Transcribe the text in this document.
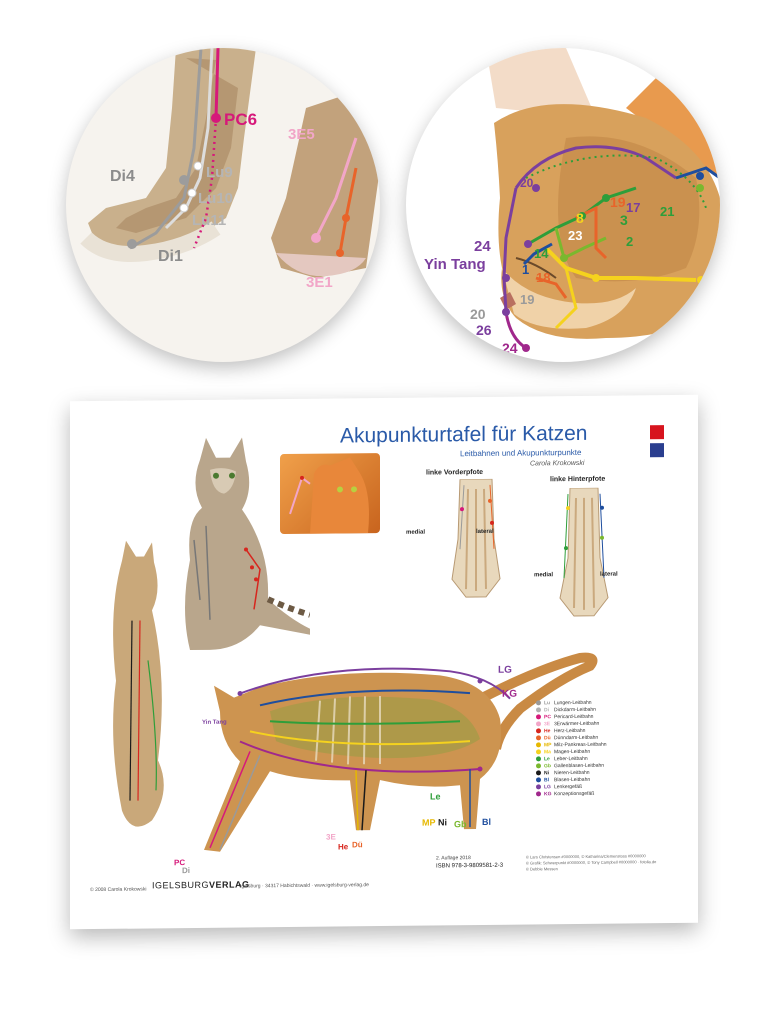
PC6
3E5
Di4	Lu9
Lu10
Lu11
Di1
3E1
20
8
19 17
3
21
23	2
14
1
18
24
Yin Tang
19
20
26
24
Akupunkturtafel für Katzen
Leitbahnen und Akupunkturpunkte
Carola Krokowski
linke Vorderpfote
medial	lateral
linke Hinterpfote
medial	lateral
LG
KG
Yin Tang
Le
MP Ni Gb Bl
3E
He Dü
PC
Di
Lu Lungen-Leitbahn
Di Dickdarm-Leitbahn
PC Pericard-Leitbahn
3E 3Erwärmer-Leitbahn
He Herz-Leitbahn
Dü Dünndarm-Leitbahn
MP Milz-Pankreas-Leitbahn
Ma Magen-Leitbahn
Le Leber-Leitbahn
Gb Gallenblasen-Leitbahn
Ni Nieren-Leitbahn
Bl Blasen-Leitbahn
LG Lenkergefäß
KG Konzeptionsgefäß
2. Auflage 2018
ISBN 978-3-9809581-2-3
© Lars Christensen #0000000, © Katharina/Clemenstoss #0000000
© Grafik: Schwerpunkt #0000000, © Tony Campbell #0000000 · fotolia.de
© Debbie Messen
© 2008 Carola Krokowski IGELSBURGVERLAG
Igelsburg · 34317 Habichtswald · www.igelsburg-verlag.de
